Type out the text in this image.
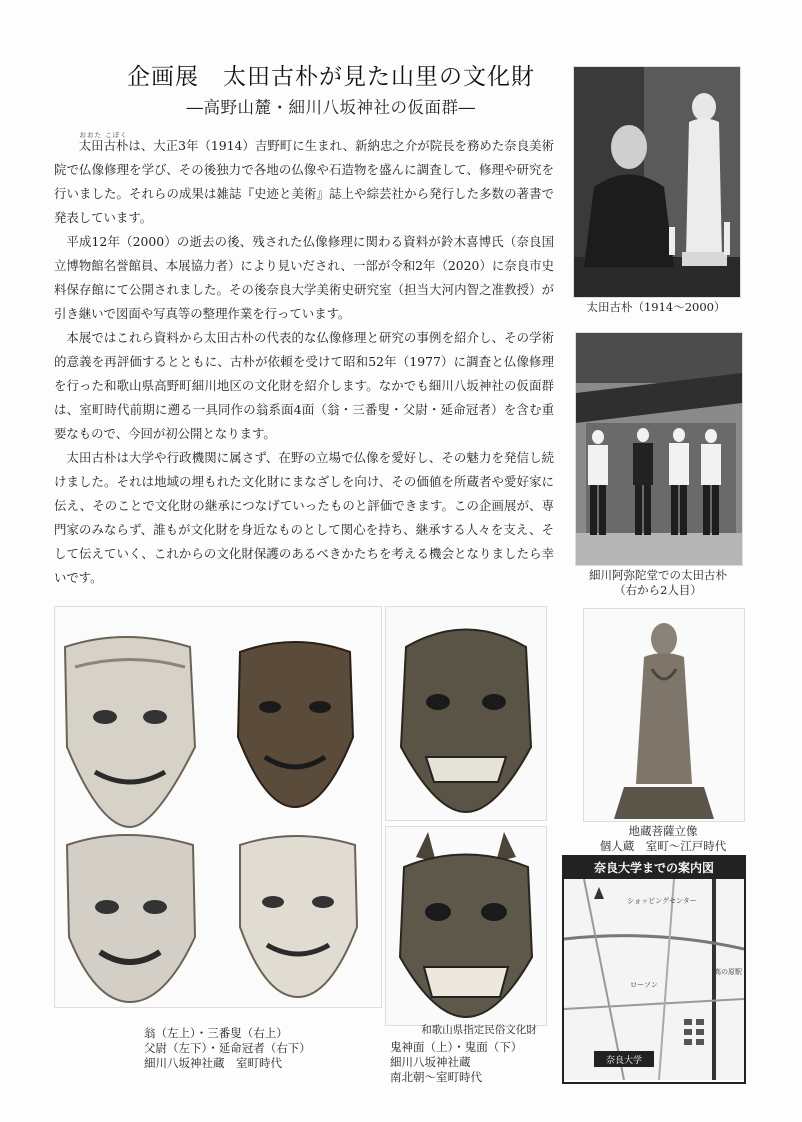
企画展　太田古朴が見た山里の文化財
―高野山麓・細川八坂神社の仮面群―

おおた こぼく
太田古朴は、大正3年（1914）吉野町に生まれ、新納忠之介が院長を務めた奈良美術院で仏像修理を学び、その後独力で各地の仏像や石造物を盛んに調査して、修理や研究を行いました。それらの成果は雑誌『史迹と美術』誌上や綜芸社から発行した多数の著書で発表しています。

平成12年（2000）の逝去の後、残された仏像修理に関わる資料が鈴木喜博氏（奈良国立博物館名誉館員、本展協力者）により見いだされ、一部が令和2年（2020）に奈良市史料保存館にて公開されました。その後奈良大学美術史研究室（担当大河内智之准教授）が引き継いで図面や写真等の整理作業を行っています。

本展ではこれら資料から太田古朴の代表的な仏像修理と研究の事例を紹介し、その学術的意義を再評価するとともに、古朴が依頼を受けて昭和52年（1977）に調査と仏像修理を行った和歌山県高野町細川地区の文化財を紹介します。なかでも細川八坂神社の仮面群は、室町時代前期に遡る一具同作の翁系面4面（翁・三番叟・父尉・延命冠者）を含む重要なもので、今回が初公開となります。

太田古朴は大学や行政機関に属さず、在野の立場で仏像を愛好し、その魅力を発信し続けました。それは地域の埋もれた文化財にまなざしを向け、その価値を所蔵者や愛好家に伝え、そのことで文化財の継承につなげていったものと評価できます。この企画展が、専門家のみならず、誰もが文化財を身近なものとして関心を持ち、継承する人々を支え、そして伝えていく、これからの文化財保護のあるべきかたちを考える機会となりましたら幸いです。

太田古朴（1914～2000）
細川阿弥陀堂での太田古朴
（右から2人目）
和歌山県指定民俗文化財
地蔵菩薩立像
個人蔵　室町～江戸時代
奈良大学までの案内図
奈良大学
ショッピングセンター
ローソン
高の原駅
翁（左上）・三番叟（右上）
父尉（左下）・延命冠者（右下）
細川八坂神社蔵　室町時代
鬼神面（上）・鬼面（下）
細川八坂神社蔵
南北朝～室町時代
